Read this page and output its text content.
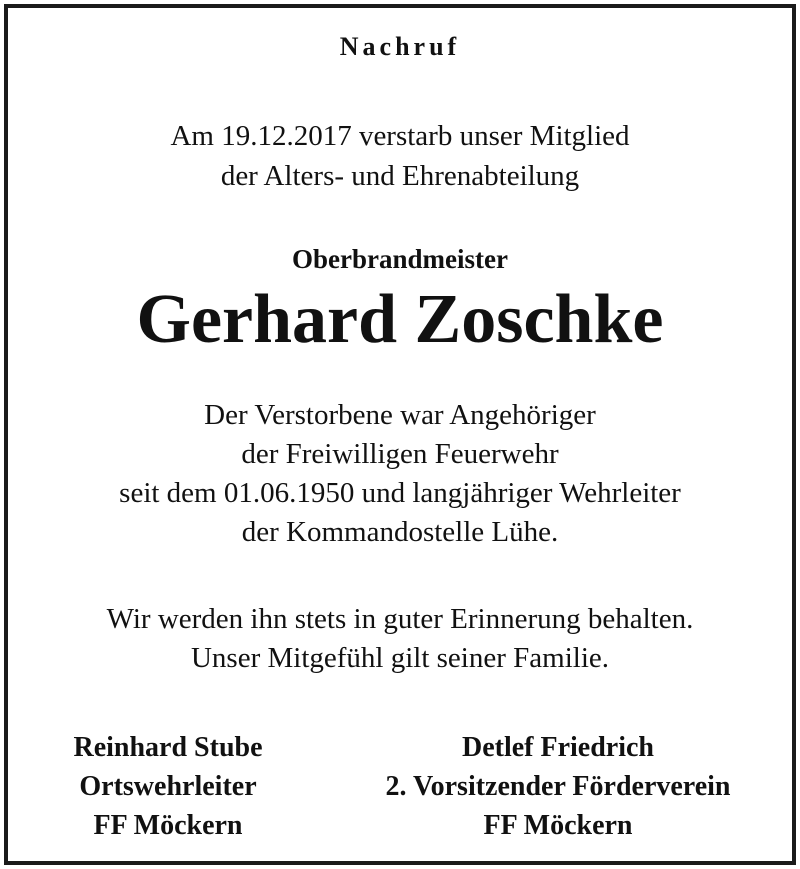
Nachruf
Am 19.12.2017 verstarb unser Mitglied
der Alters- und Ehrenabteilung
Oberbrandmeister
Gerhard Zoschke
Der Verstorbene war Angehöriger
der Freiwilligen Feuerwehr
seit dem 01.06.1950 und langjähriger Wehrleiter
der Kommandostelle Lühe.
Wir werden ihn stets in guter Erinnerung behalten.
Unser Mitgefühl gilt seiner Familie.
Reinhard Stube
Ortswehrleiter
FF Möckern
Detlef Friedrich
2. Vorsitzender Förderverein
FF Möckern
